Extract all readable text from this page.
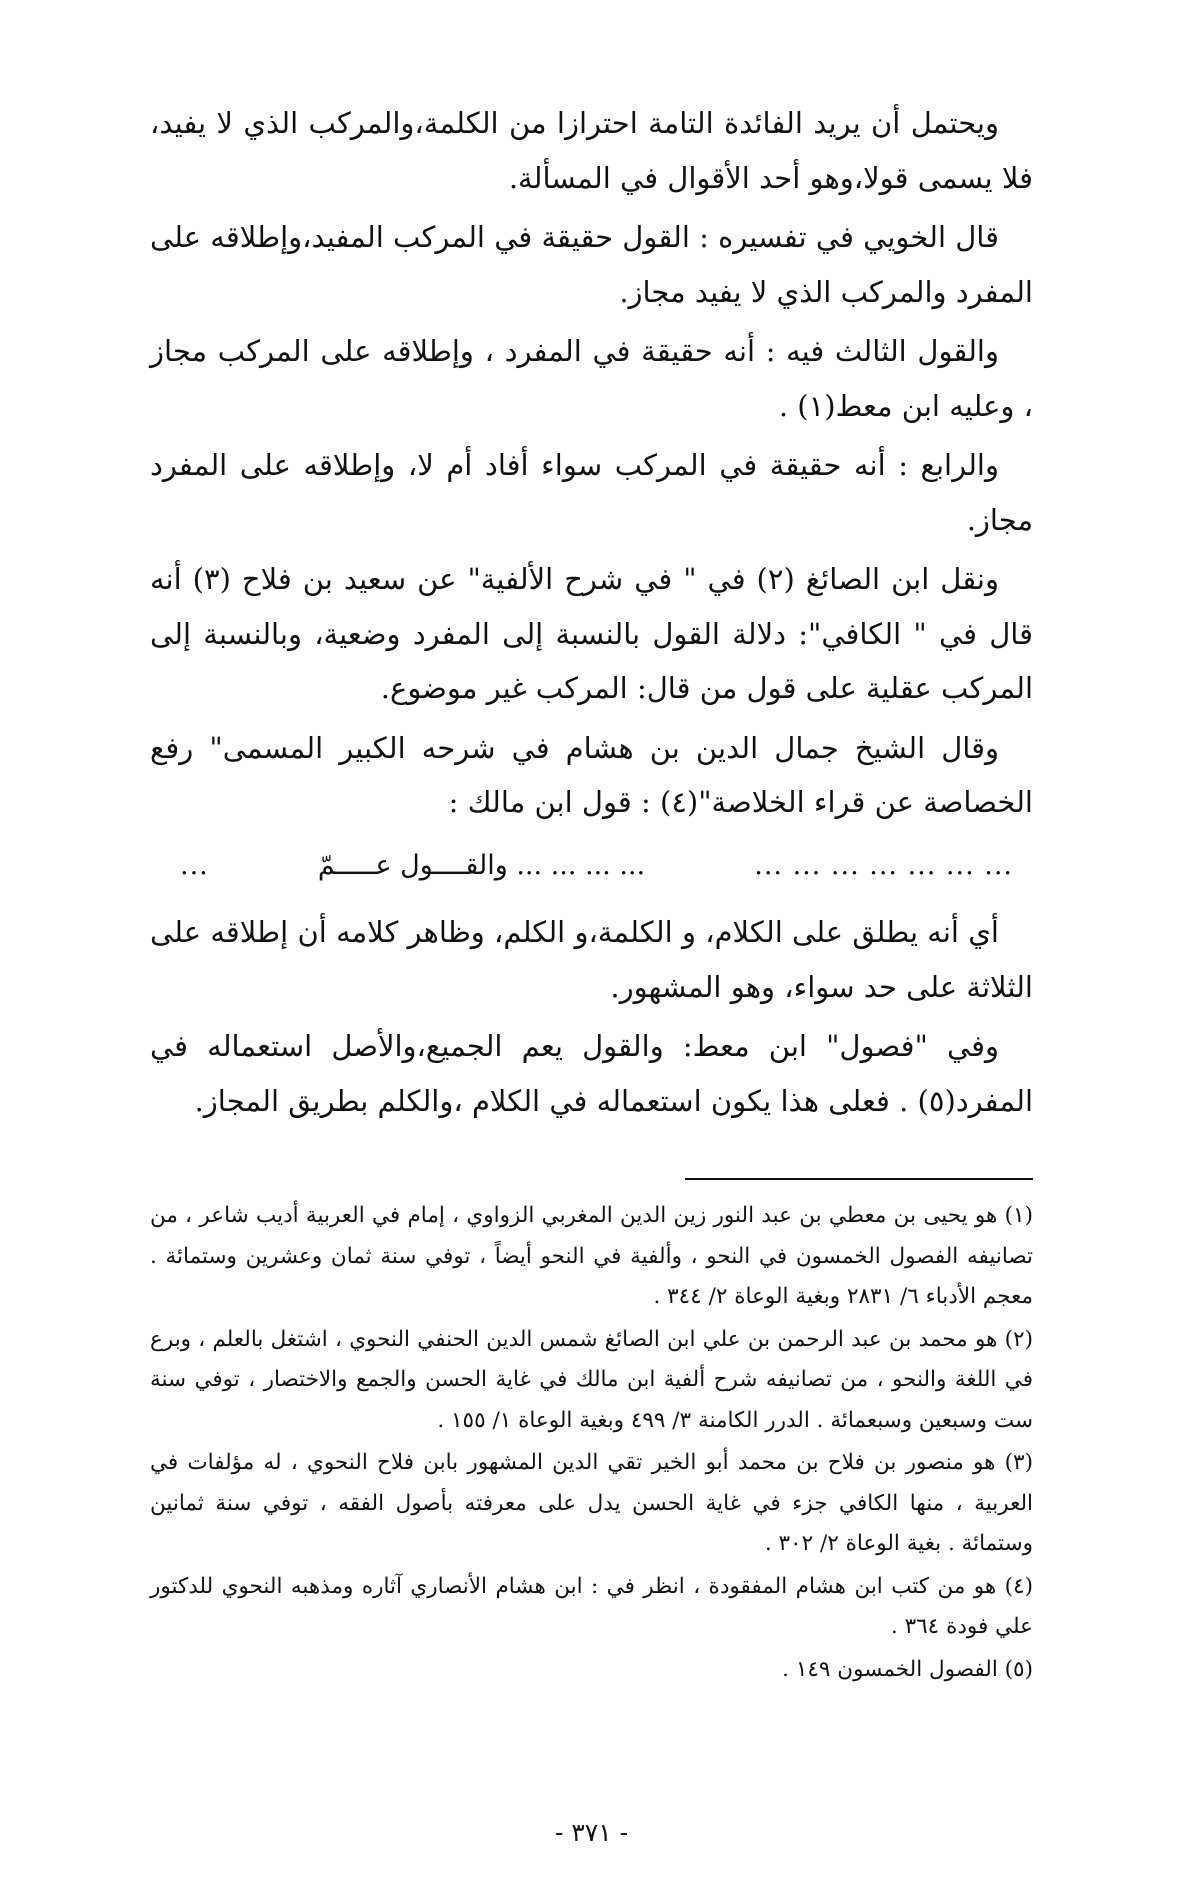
ويحتمل أن يريد الفائدة التامة احترازا من الكلمة،والمركب الذي لا يفيد، فلا يسمى قولا،وهو أحد الأقوال في المسألة.

قال الخويي في تفسيره : القول حقيقة في المركب المفيد،وإطلاقه على المفرد والمركب الذي لا يفيد مجاز.

والقول الثالث فيه : أنه حقيقة في المفرد ، وإطلاقه على المركب مجاز ، وعليه ابن معط(١) .

والرابع : أنه حقيقة في المركب سواء أفاد أم لا، وإطلاقه على المفرد مجاز.

ونقل ابن الصائغ (٢) في " في شرح الألفية" عن سعيد بن فلاح (٣) أنه قال في " الكافي": دلالة القول بالنسبة إلى المفرد وضعية، وبالنسبة إلى المركب عقلية على قول من قال: المركب غير موضوع.

وقال الشيخ جمال الدين بن هشام في شرحه الكبير المسمى" رفع الخصاصة عن قراء الخلاصة"(٤) : قول ابن مالك :

... ... ... ... ... ... ...
... ... ... ... والقــــول عـــــمّ
...

أي أنه يطلق على الكلام، و الكلمة،و الكلم، وظاهر كلامه أن إطلاقه على الثلاثة على حد سواء، وهو المشهور.

وفي "فصول" ابن معط: والقول يعم الجميع،والأصل استعماله في المفرد(٥) . فعلى هذا يكون استعماله في الكلام ،والكلم بطريق المجاز.

(١) هو يحيى بن معطي بن عبد النور زين الدين المغربي الزواوي ، إمام في العربية أديب شاعر ، من تصانيفه الفصول الخمسون في النحو ، وألفية في النحو أيضاً ، توفي سنة ثمان وعشرين وستمائة . معجم الأدباء ٦/ ٢٨٣١ وبغية الوعاة ٢/ ٣٤٤ .

(٢) هو محمد بن عبد الرحمن بن علي ابن الصائغ شمس الدين الحنفي النحوي ، اشتغل بالعلم ، وبرع في اللغة والنحو ، من تصانيفه شرح ألفية ابن مالك في غاية الحسن والجمع والاختصار ، توفي سنة ست وسبعين وسبعمائة . الدرر الكامنة ٣/ ٤٩٩ وبغية الوعاة ١/ ١٥٥ .

(٣) هو منصور بن فلاح بن محمد أبو الخير تقي الدين المشهور بابن فلاح النحوي ، له مؤلفات في العربية ، منها الكافي جزء في غاية الحسن يدل على معرفته بأصول الفقه ، توفي سنة ثمانين وستمائة . بغية الوعاة ٢/ ٣٠٢ .

(٤) هو من كتب ابن هشام المفقودة ، انظر في : ابن هشام الأنصاري آثاره ومذهبه النحوي للدكتور علي فودة ٣٦٤ .

(٥) الفصول الخمسون ١٤٩ .

- ٣٧١ -
